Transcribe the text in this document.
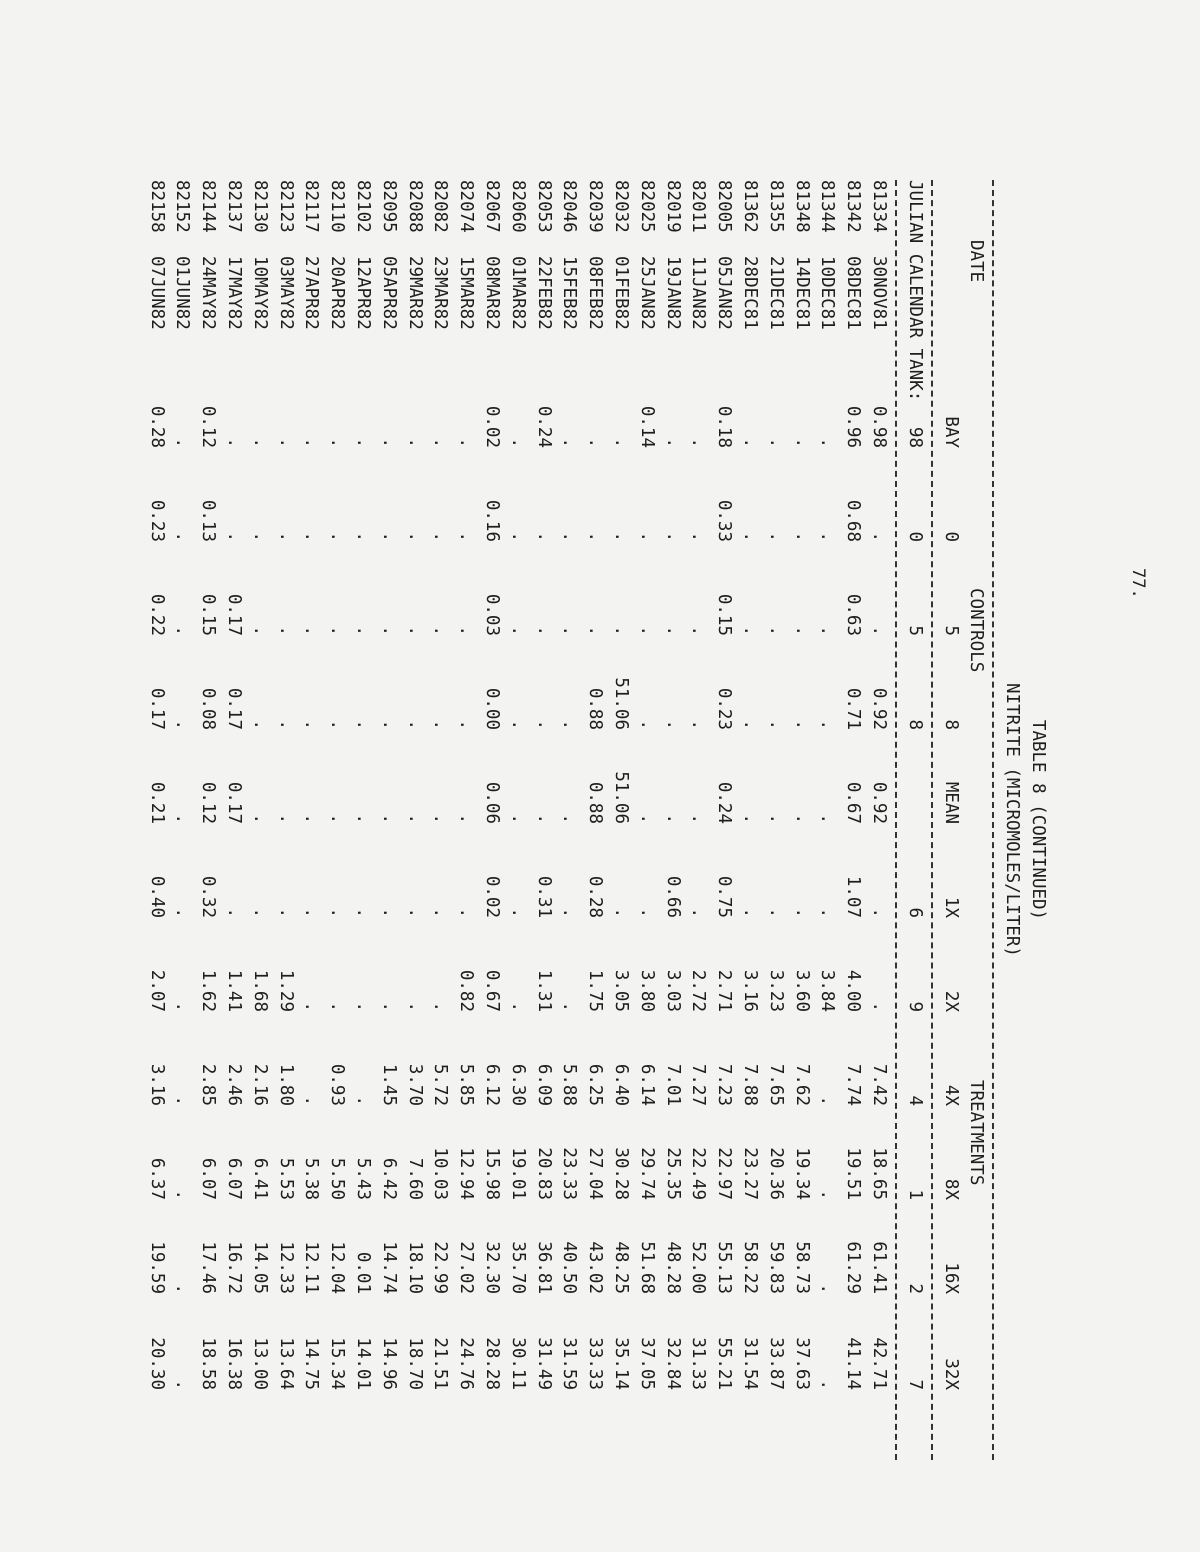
77.
TABLE 8 (CONTINUED)
NITRITE (MICROMOLES/LITER)
DATE
CONTROLS
TREATMENTS
BAY
0
5
8
MEAN
1X
2X
4X
8X
16X
32X
JULIAN CALENDAR TANK:
98
0
5
8
6
9
4
1
2
7
81334
30NOV81
0.98
.
.
0.92
0.92
.
.
7.42
18.65
61.41
42.71
81342
08DEC81
0.96
0.68
0.63
0.71
0.67
1.07
4.00
7.74
19.51
61.29
41.14
81344
10DEC81
.
.
.
.
.
.
3.84
.
.
.
.
81348
14DEC81
.
.
.
.
.
.
3.60
7.62
19.34
58.73
37.63
81355
21DEC81
.
.
.
.
.
.
3.23
7.65
20.36
59.83
33.87
81362
28DEC81
.
.
.
.
.
.
3.16
7.88
23.27
58.22
31.54
82005
05JAN82
0.18
0.33
0.15
0.23
0.24
0.75
2.71
7.23
22.97
55.13
55.21
82011
11JAN82
.
.
.
.
.
.
2.72
7.27
22.49
52.00
31.33
82019
19JAN82
.
.
.
.
.
0.66
3.03
7.01
25.35
48.28
32.84
82025
25JAN82
0.14
.
.
.
.
.
3.80
6.14
29.74
51.68
37.05
82032
01FEB82
.
.
.
51.06
51.06
.
3.05
6.40
30.28
48.25
35.14
82039
08FEB82
.
.
.
0.88
0.88
0.28
1.75
6.25
27.04
43.02
33.33
82046
15FEB82
.
.
.
.
.
.
.
5.88
23.33
40.50
31.59
82053
22FEB82
0.24
.
.
.
.
0.31
1.31
6.09
20.83
36.81
31.49
82060
01MAR82
.
.
.
.
.
.
.
6.30
19.01
35.70
30.11
82067
08MAR82
0.02
0.16
0.03
0.00
0.06
0.02
0.67
6.12
15.98
32.30
28.28
82074
15MAR82
.
.
.
.
.
.
0.82
5.85
12.94
27.02
24.76
82082
23MAR82
.
.
.
.
.
.
.
5.72
10.03
22.99
21.51
82088
29MAR82
.
.
.
.
.
.
.
3.70
7.60
18.10
18.70
82095
05APR82
.
.
.
.
.
.
.
1.45
6.42
14.74
14.96
82102
12APR82
.
.
.
.
.
.
.
.
5.43
0.01
14.01
82110
20APR82
.
.
.
.
.
.
.
0.93
5.50
12.04
15.34
82117
27APR82
.
.
.
.
.
.
.
.
5.38
12.11
14.75
82123
03MAY82
.
.
.
.
.
.
1.29
1.80
5.53
12.33
13.64
82130
10MAY82
.
.
.
.
.
.
1.68
2.16
6.41
14.05
13.00
82137
17MAY82
.
.
0.17
0.17
0.17
.
1.41
2.46
6.07
16.72
16.38
82144
24MAY82
0.12
0.13
0.15
0.08
0.12
0.32
1.62
2.85
6.07
17.46
18.58
82152
01JUN82
.
.
.
.
.
.
.
.
.
.
.
82158
07JUN82
0.28
0.23
0.22
0.17
0.21
0.40
2.07
3.16
6.37
19.59
20.30
